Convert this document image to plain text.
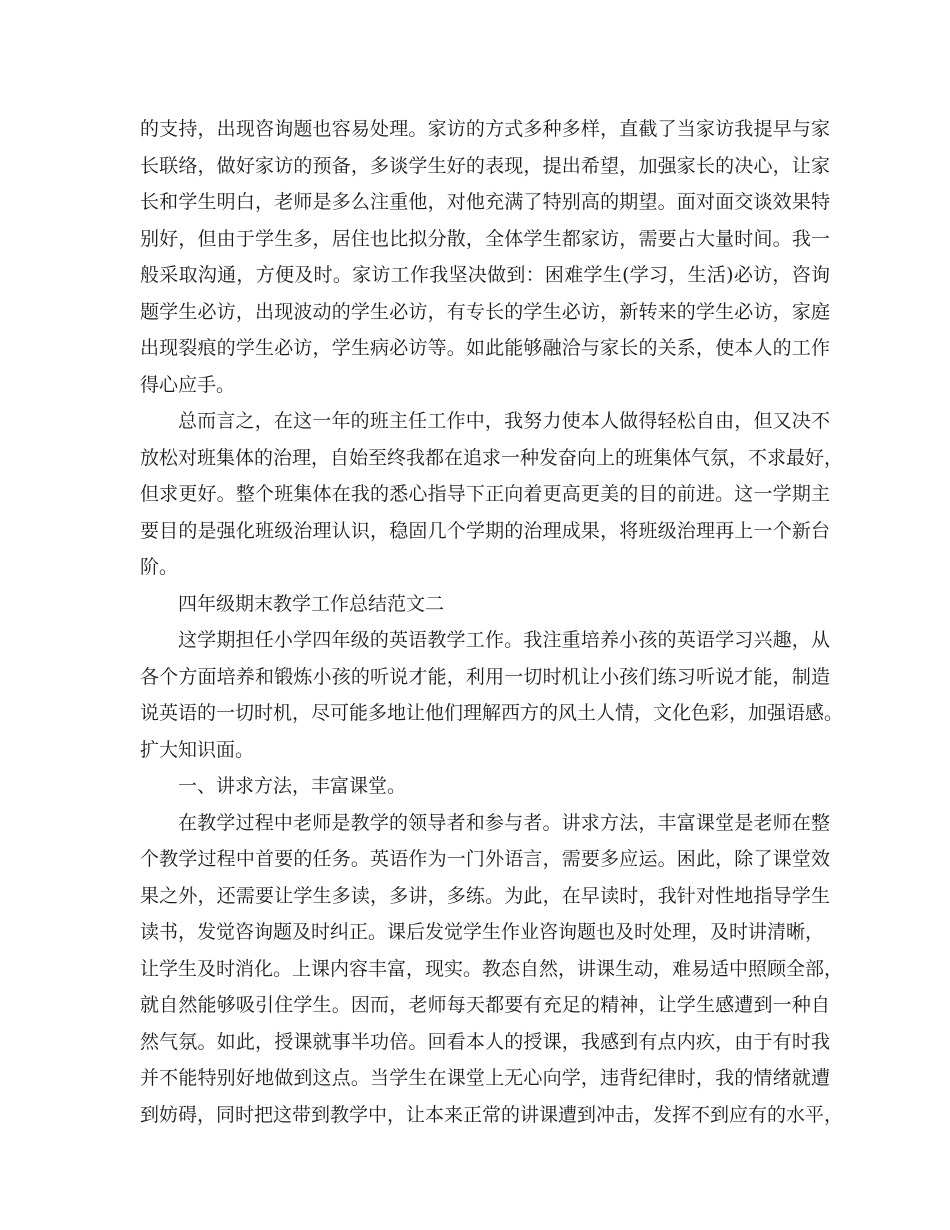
的支持，出现咨询题也容易处理。家访的方式多种多样，直截了当家访我提早与家
长联络，做好家访的预备，多谈学生好的表现，提出希望，加强家长的决心，让家
长和学生明白，老师是多么注重他，对他充满了特别高的期望。面对面交谈效果特
别好，但由于学生多，居住也比拟分散，全体学生都家访，需要占大量时间。我一
般采取沟通，方便及时。家访工作我坚决做到：困难学生(学习，生活)必访，咨询
题学生必访，出现波动的学生必访，有专长的学生必访，新转来的学生必访，家庭
出现裂痕的学生必访，学生病必访等。如此能够融洽与家长的关系，使本人的工作
得心应手。
总而言之，在这一年的班主任工作中，我努力使本人做得轻松自由，但又决不
放松对班集体的治理，自始至终我都在追求一种发奋向上的班集体气氛，不求最好，
但求更好。整个班集体在我的悉心指导下正向着更高更美的目的前进。这一学期主
要目的是强化班级治理认识，稳固几个学期的治理成果，将班级治理再上一个新台
阶。
四年级期末教学工作总结范文二
这学期担任小学四年级的英语教学工作。我注重培养小孩的英语学习兴趣，从
各个方面培养和锻炼小孩的听说才能，利用一切时机让小孩们练习听说才能，制造
说英语的一切时机，尽可能多地让他们理解西方的风土人情，文化色彩，加强语感。
扩大知识面。
一、讲求方法，丰富课堂。
在教学过程中老师是教学的领导者和参与者。讲求方法，丰富课堂是老师在整
个教学过程中首要的任务。英语作为一门外语言，需要多应运。困此，除了课堂效
果之外，还需要让学生多读，多讲，多练。为此，在早读时，我针对性地指导学生
读书，发觉咨询题及时纠正。课后发觉学生作业咨询题也及时处理，及时讲清晰，
让学生及时消化。上课内容丰富，现实。教态自然，讲课生动，难易适中照顾全部，
就自然能够吸引住学生。因而，老师每天都要有充足的精神，让学生感遭到一种自
然气氛。如此，授课就事半功倍。回看本人的授课，我感到有点内疚，由于有时我
并不能特别好地做到这点。当学生在课堂上无心向学，违背纪律时，我的情绪就遭
到妨碍，同时把这带到教学中，让本来正常的讲课遭到冲击，发挥不到应有的水平，
